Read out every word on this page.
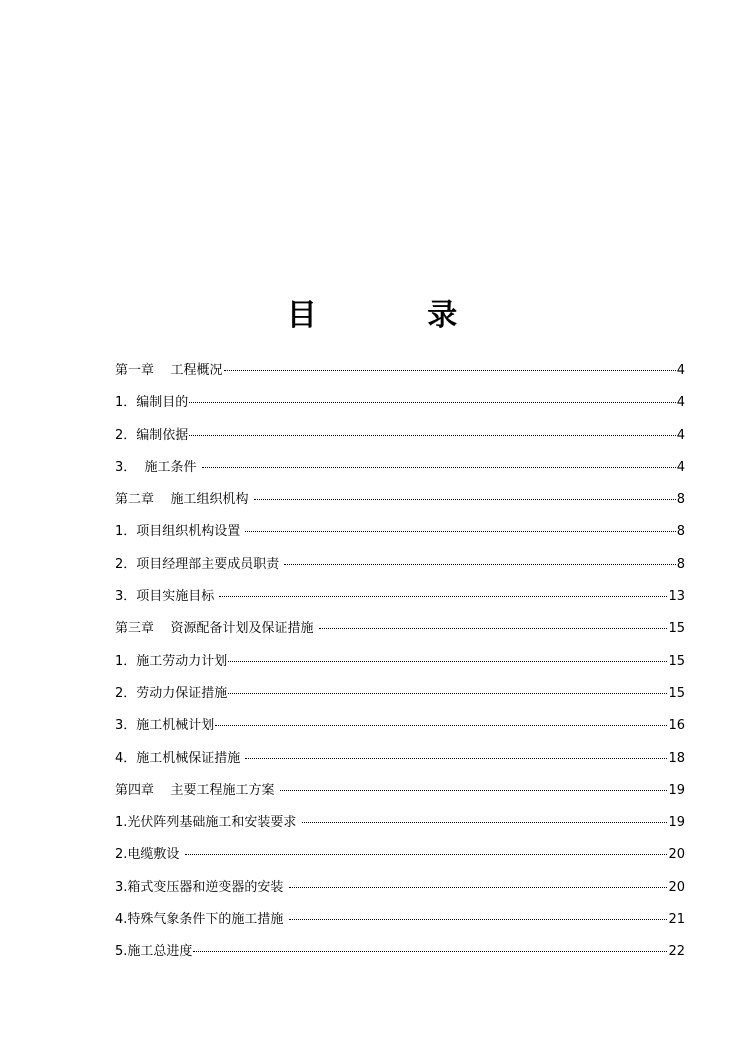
目 录
第一章    工程概况	4
1．编制目的	4
2．编制依据	4
3．  施工条件	4
第二章    施工组织机构	8
1．项目组织机构设置	8
2．项目经理部主要成员职责	8
3．项目实施目标	13
第三章    资源配备计划及保证措施	15
1．施工劳动力计划	15
2．劳动力保证措施	15
3．施工机械计划	16
4．施工机械保证措施	18
第四章    主要工程施工方案	19
1.光伏阵列基础施工和安装要求	19
2.电缆敷设	20
3.箱式变压器和逆变器的安装	20
4.特殊气象条件下的施工措施	21
5.施工总进度	22
